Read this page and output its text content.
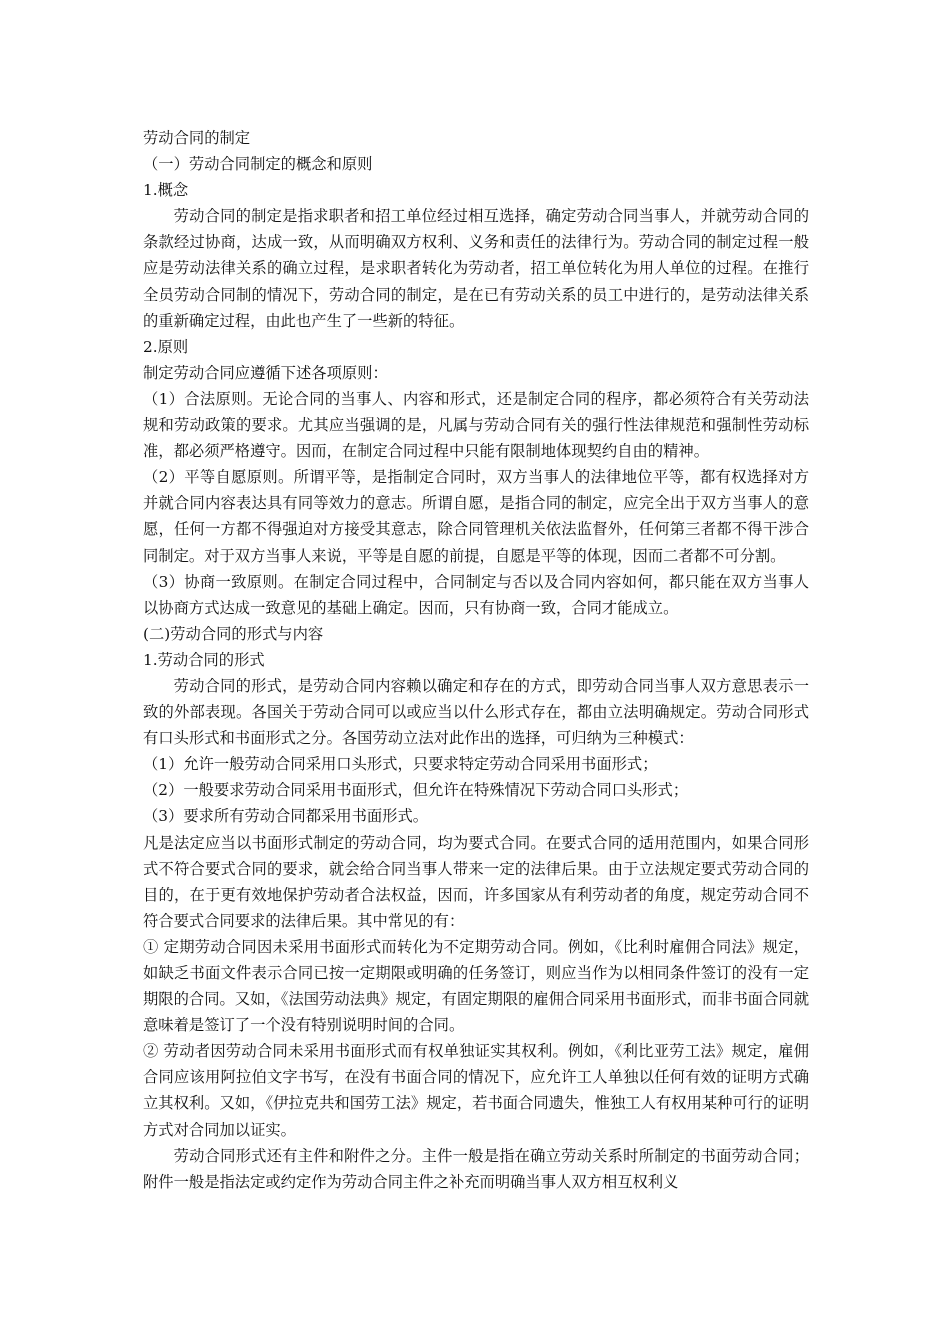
劳动合同的制定

（一）劳动合同制定的概念和原则

1.概念

劳动合同的制定是指求职者和招工单位经过相互选择，确定劳动合同当事人，并就劳动合同的条款经过协商，达成一致，从而明确双方权利、义务和责任的法律行为。劳动合同的制定过程一般应是劳动法律关系的确立过程，是求职者转化为劳动者，招工单位转化为用人单位的过程。在推行全员劳动合同制的情况下，劳动合同的制定，是在已有劳动关系的员工中进行的，是劳动法律关系的重新确定过程，由此也产生了一些新的特征。

2.原则

制定劳动合同应遵循下述各项原则：

（1）合法原则。无论合同的当事人、内容和形式，还是制定合同的程序，都必须符合有关劳动法规和劳动政策的要求。尤其应当强调的是，凡属与劳动合同有关的强行性法律规范和强制性劳动标准，都必须严格遵守。因而，在制定合同过程中只能有限制地体现契约自由的精神。

（2）平等自愿原则。所谓平等，是指制定合同时，双方当事人的法律地位平等，都有权选择对方并就合同内容表达具有同等效力的意志。所谓自愿，是指合同的制定，应完全出于双方当事人的意愿，任何一方都不得强迫对方接受其意志，除合同管理机关依法监督外，任何第三者都不得干涉合同制定。对于双方当事人来说，平等是自愿的前提，自愿是平等的体现，因而二者都不可分割。

（3）协商一致原则。在制定合同过程中，合同制定与否以及合同内容如何，都只能在双方当事人以协商方式达成一致意见的基础上确定。因而，只有协商一致，合同才能成立。

(二)劳动合同的形式与内容

1.劳动合同的形式

劳动合同的形式，是劳动合同内容赖以确定和存在的方式，即劳动合同当事人双方意思表示一致的外部表现。各国关于劳动合同可以或应当以什么形式存在，都由立法明确规定。劳动合同形式有口头形式和书面形式之分。各国劳动立法对此作出的选择，可归纳为三种模式：

（1）允许一般劳动合同采用口头形式，只要求特定劳动合同采用书面形式；

（2）一般要求劳动合同采用书面形式，但允许在特殊情况下劳动合同口头形式；

（3）要求所有劳动合同都采用书面形式。

凡是法定应当以书面形式制定的劳动合同，均为要式合同。在要式合同的适用范围内，如果合同形式不符合要式合同的要求，就会给合同当事人带来一定的法律后果。由于立法规定要式劳动合同的目的，在于更有效地保护劳动者合法权益，因而，许多国家从有利劳动者的角度，规定劳动合同不符合要式合同要求的法律后果。其中常见的有：

① 定期劳动合同因未采用书面形式而转化为不定期劳动合同。例如，《比利时雇佣合同法》规定，如缺乏书面文件表示合同已按一定期限或明确的任务签订，则应当作为以相同条件签订的没有一定期限的合同。又如，《法国劳动法典》规定，有固定期限的雇佣合同采用书面形式，而非书面合同就意味着是签订了一个没有特别说明时间的合同。

② 劳动者因劳动合同未采用书面形式而有权单独证实其权利。例如，《利比亚劳工法》规定，雇佣合同应该用阿拉伯文字书写，在没有书面合同的情况下，应允许工人单独以任何有效的证明方式确立其权利。又如，《伊拉克共和国劳工法》规定，若书面合同遗失，惟独工人有权用某种可行的证明方式对合同加以证实。

劳动合同形式还有主件和附件之分。主件一般是指在确立劳动关系时所制定的书面劳动合同；附件一般是指法定或约定作为劳动合同主件之补充而明确当事人双方相互权利义
